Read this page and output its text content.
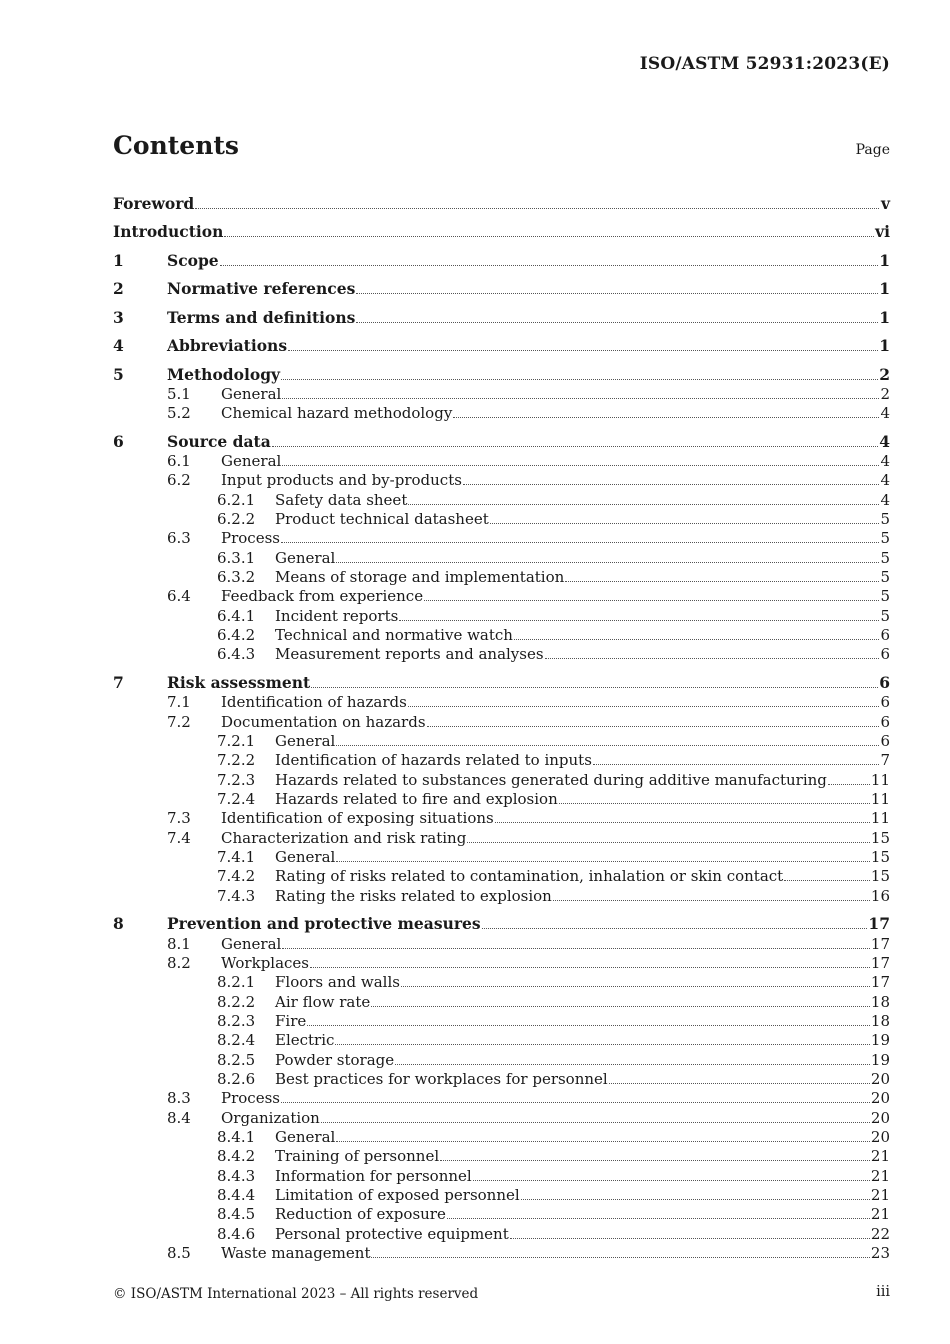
ISO/ASTM 52931:2023(E)
Contents	Page
Foreword	v
Introduction	vi
1	Scope	1
2	Normative references	1
3	Terms and definitions	1
4	Abbreviations	1
5	Methodology	2
5.1	General	2
5.2	Chemical hazard methodology	4
6	Source data	4
6.1	General	4
6.2	Input products and by-products	4
6.2.1	Safety data sheet	4
6.2.2	Product technical datasheet	5
6.3	Process	5
6.3.1	General	5
6.3.2	Means of storage and implementation	5
6.4	Feedback from experience	5
6.4.1	Incident reports	5
6.4.2	Technical and normative watch	6
6.4.3	Measurement reports and analyses	6
7	Risk assessment	6
7.1	Identification of hazards	6
7.2	Documentation on hazards	6
7.2.1	General	6
7.2.2	Identification of hazards related to inputs	7
7.2.3	Hazards related to substances generated during additive manufacturing	11
7.2.4	Hazards related to fire and explosion	11
7.3	Identification of exposing situations	11
7.4	Characterization and risk rating	15
7.4.1	General	15
7.4.2	Rating of risks related to contamination, inhalation or skin contact	15
7.4.3	Rating the risks related to explosion	16
8	Prevention and protective measures	17
8.1	General	17
8.2	Workplaces	17
8.2.1	Floors and walls	17
8.2.2	Air flow rate	18
8.2.3	Fire	18
8.2.4	Electric	19
8.2.5	Powder storage	19
8.2.6	Best practices for workplaces for personnel	20
8.3	Process	20
8.4	Organization	20
8.4.1	General	20
8.4.2	Training of personnel	21
8.4.3	Information for personnel	21
8.4.4	Limitation of exposed personnel	21
8.4.5	Reduction of exposure	21
8.4.6	Personal protective equipment	22
8.5	Waste management	23
© ISO/ASTM International 2023 – All rights reserved	iii
